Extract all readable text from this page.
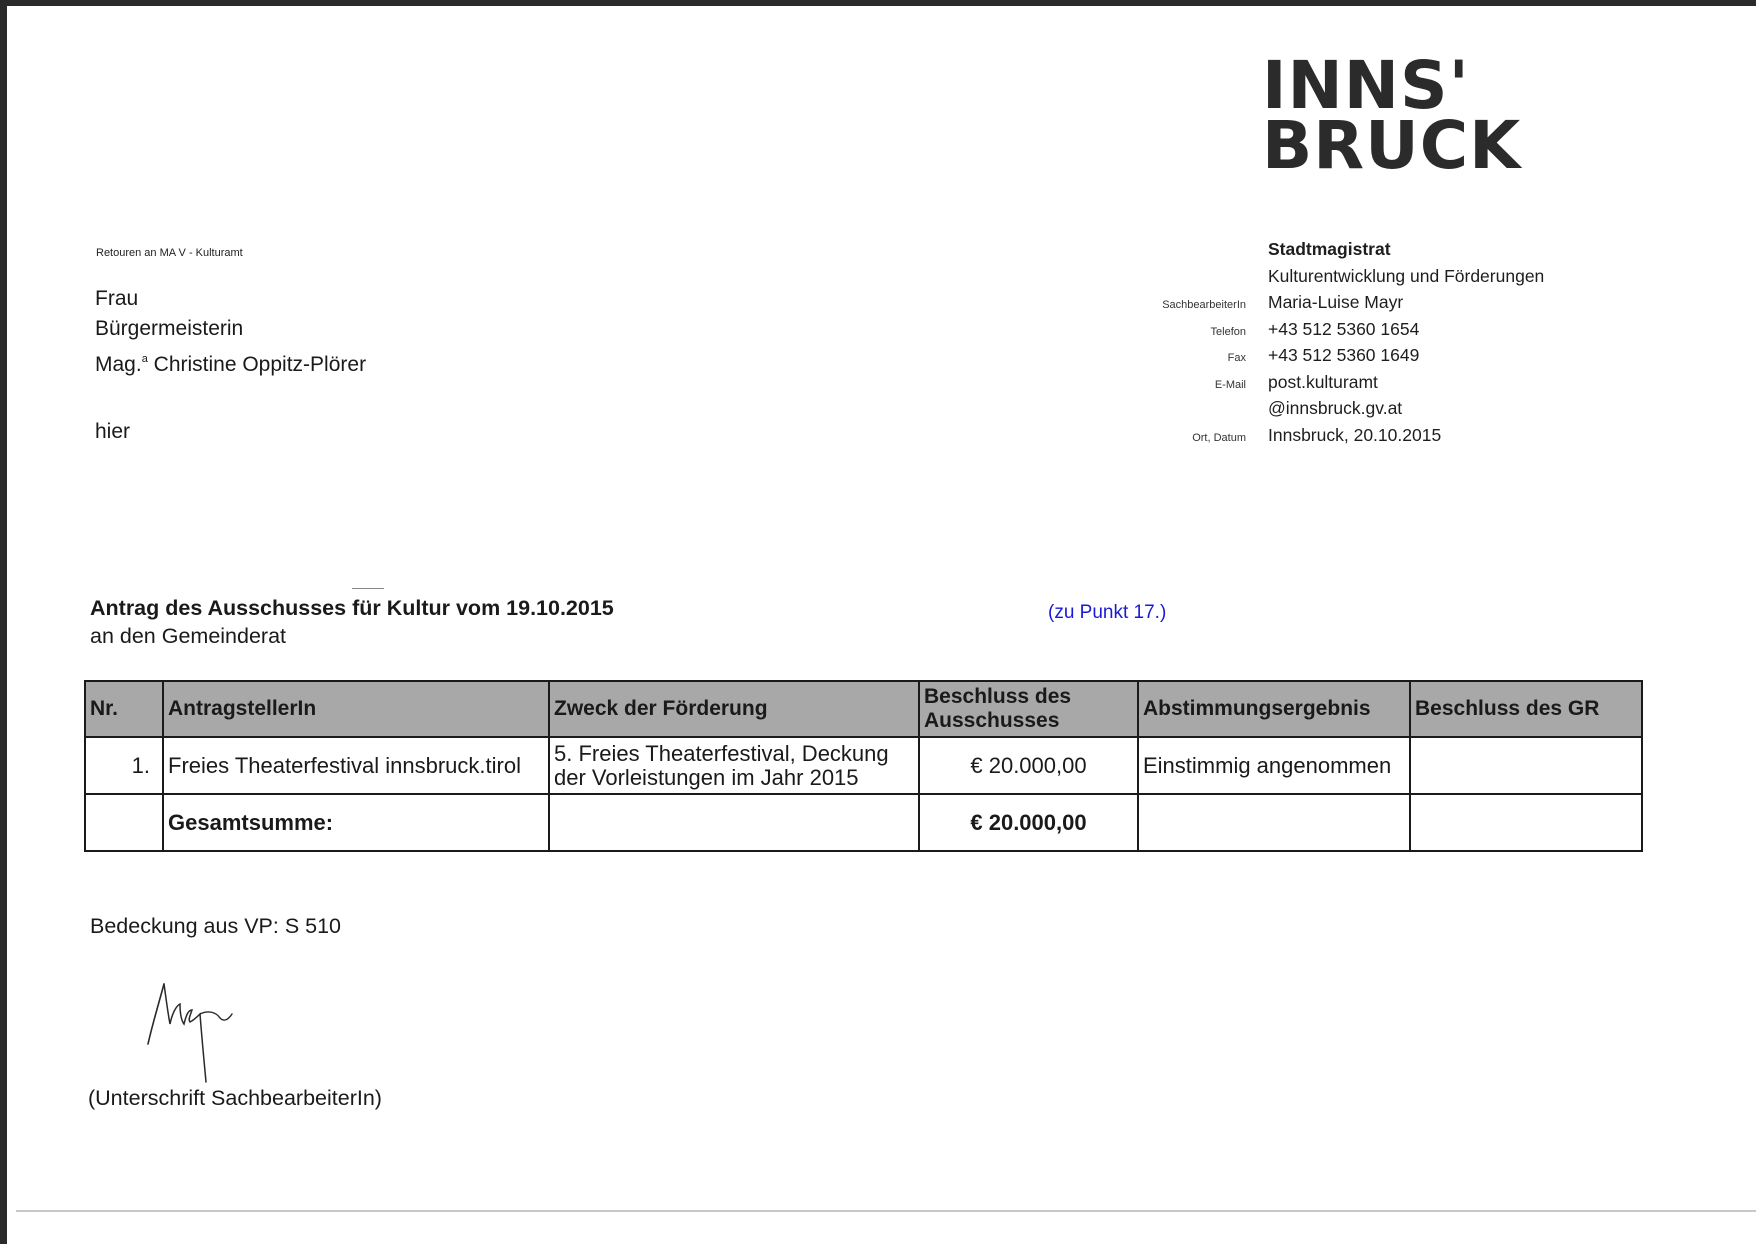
INNS'
BRUCK
Retouren an MA V - Kulturamt
Frau
Bürgermeisterin
Mag.$^a$ Christine Oppitz-Plörer
hier
Stadtmagistrat
Kulturentwicklung und Förderungen
SachbearbeiterIn Maria-Luise Mayr
Telefon +43 512 5360 1654
Fax +43 512 5360 1649
E-Mail post.kulturamt
@innsbruck.gv.at
Ort, Datum Innsbruck, 20.10.2015
Antrag des Ausschusses für Kultur vom 19.10.2015
an den Gemeinderat
(zu Punkt 17.)
Nr.	AntragstellerIn	Zweck der Förderung	Beschluss des Ausschusses	Abstimmungsergebnis	Beschluss des GR
1.	Freies Theaterfestival innsbruck.tirol	5. Freies Theaterfestival, Deckung der Vorleistungen im Jahr 2015	€ 20.000,00	Einstimmig angenommen	
	Gesamtsumme:		€ 20.000,00		
Bedeckung aus VP: S 510
(Unterschrift SachbearbeiterIn)
